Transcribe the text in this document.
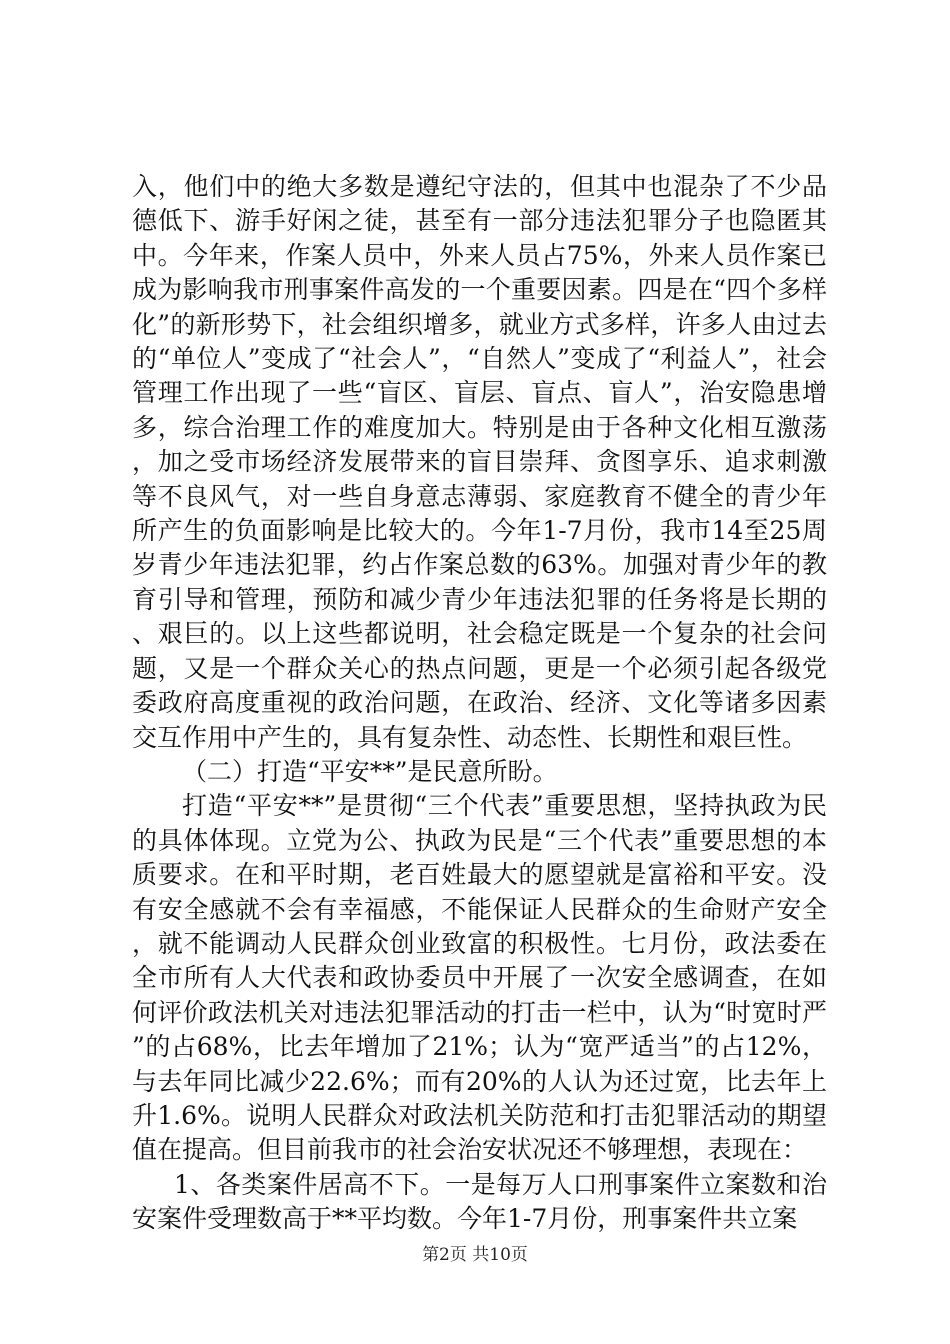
入，他们中的绝大多数是遵纪守法的，但其中也混杂了不少品德低下、游手好闲之徒，甚至有一部分违法犯罪分子也隐匿其中。今年来，作案人员中，外来人员占75%，外来人员作案已成为影响我市刑事案件高发的一个重要因素。四是在“四个多样化”的新形势下，社会组织增多，就业方式多样，许多人由过去的“单位人”变成了“社会人”，“自然人”变成了“利益人”，社会管理工作出现了一些“盲区、盲层、盲点、盲人”，治安隐患增多，综合治理工作的难度加大。特别是由于各种文化相互激荡，加之受市场经济发展带来的盲目崇拜、贪图享乐、追求刺激等不良风气，对一些自身意志薄弱、家庭教育不健全的青少年所产生的负面影响是比较大的。今年1-7月份，我市14至25周岁青少年违法犯罪，约占作案总数的63%。加强对青少年的教育引导和管理，预防和减少青少年违法犯罪的任务将是长期的、艰巨的。以上这些都说明，社会稳定既是一个复杂的社会问题，又是一个群众关心的热点问题，更是一个必须引起各级党委政府高度重视的政治问题，在政治、经济、文化等诸多因素交互作用中产生的，具有复杂性、动态性、长期性和艰巨性。

（二）打造“平安**”是民意所盼。

打造“平安**”是贯彻“三个代表”重要思想，坚持执政为民的具体体现。立党为公、执政为民是“三个代表”重要思想的本质要求。在和平时期，老百姓最大的愿望就是富裕和平安。没有安全感就不会有幸福感，不能保证人民群众的生命财产安全，就不能调动人民群众创业致富的积极性。七月份，政法委在全市所有人大代表和政协委员中开展了一次安全感调查，在如何评价政法机关对违法犯罪活动的打击一栏中，认为“时宽时严”的占68%，比去年增加了21%；认为“宽严适当”的占12%，与去年同比减少22.6%；而有20%的人认为还过宽，比去年上升1.6%。说明人民群众对政法机关防范和打击犯罪活动的期望值在提高。但目前我市的社会治安状况还不够理想，表现在：

1、各类案件居高不下。一是每万人口刑事案件立案数和治安案件受理数高于**平均数。今年1-7月份，刑事案件共立案

第2页 共10页
